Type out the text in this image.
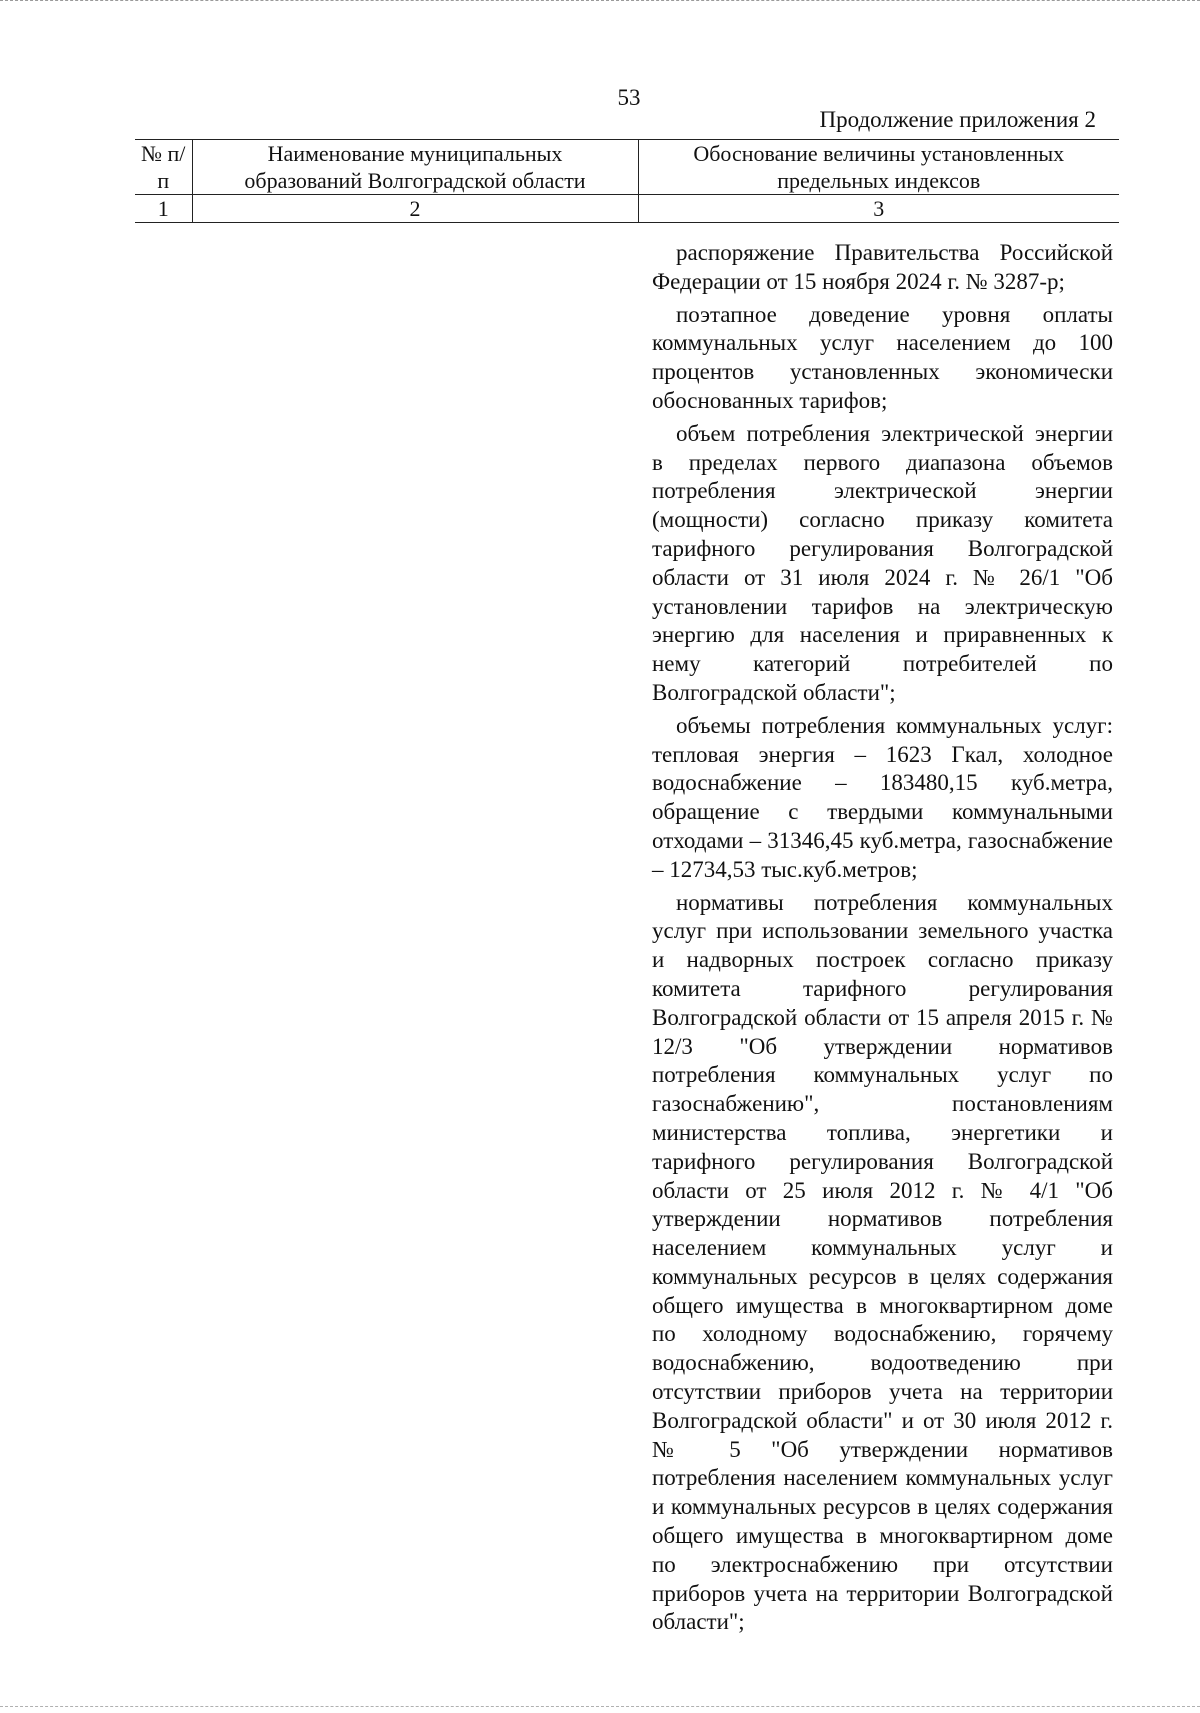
53
Продолжение приложения 2
№ п/п	Наименование муниципальных образований Волгоградской области	Обоснование величины установленных предельных индексов
1	2	3

распоряжение Правительства Российской Федерации от 15 ноября 2024 г. № 3287-р;

поэтапное доведение уровня оплаты коммунальных услуг населением до 100 процентов установленных экономически обоснованных тарифов;

объем потребления электрической энергии в пределах первого диапазона объемов потребления электрической энергии (мощности) согласно приказу комитета тарифного регулирования Волгоградской области от 31 июля 2024 г. № 26/1 "Об установлении тарифов на электрическую энергию для населения и приравненных к нему категорий потребителей по Волгоградской области";

объемы потребления коммунальных услуг: тепловая энергия – 1623 Гкал, холодное водоснабжение – 183480,15 куб.метра, обращение с твердыми коммунальными отходами – 31346,45 куб.метра, газоснабжение – 12734,53 тыс.куб.метров;

нормативы потребления коммунальных услуг при использовании земельного участка и надворных построек согласно приказу комитета тарифного регулирования Волгоградской области от 15 апреля 2015 г. № 12/3 "Об утверждении нормативов потребления коммунальных услуг по газоснабжению", постановлениям министерства топлива, энергетики и тарифного регулирования Волгоградской области от 25 июля 2012 г. № 4/1 "Об утверждении нормативов потребления населением коммунальных услуг и коммунальных ресурсов в целях содержания общего имущества в многоквартирном доме по холодному водоснабжению, горячему водоснабжению, водоотведению при отсутствии приборов учета на территории Волгоградской области" и от 30 июля 2012 г. № 5 "Об утверждении нормативов потребления населением коммунальных услуг и коммунальных ресурсов в целях содержания общего имущества в многоквартирном доме по электроснабжению при отсутствии приборов учета на территории Волгоградской области";
